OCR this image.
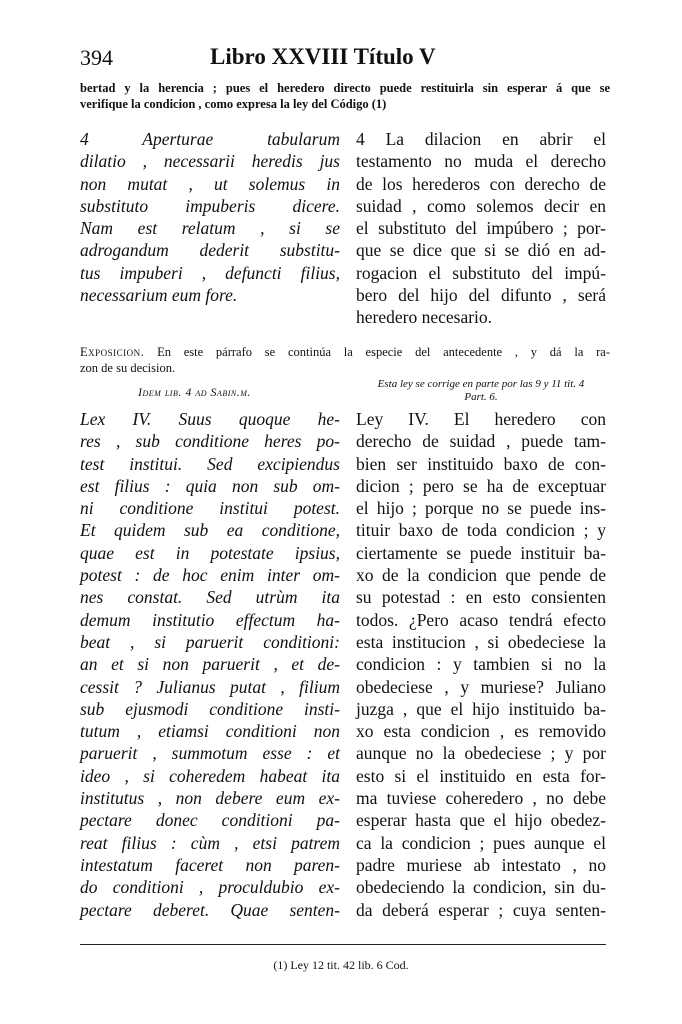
394	Libro XXVIII Título V
bertad y la herencia ; pues el heredero directo puede restituirla sin esperar á que se
verifique la condicion , como expresa la ley del Código (1)
4 Aperturae tabularum
dilatio , necessarii heredis jus
non mutat , ut solemus in
substituto impuberis dicere.
Nam est relatum , si se
adrogandum dederit substitu-
tus impuberi , defuncti filius,
necessarium eum fore.
4 La dilacion en abrir el
testamento no muda el derecho
de los herederos con derecho de
suidad , como solemos decir en
el substituto del impúbero ; por-
que se dice que si se dió en ad-
rogacion el substituto del impú-
bero del hijo del difunto , será
heredero necesario.
Exposicion. En este párrafo se continúa la especie del antecedente , y dá la ra-
zon de su decision.
Idem lib. 4 ad Sabin.m.
Esta ley se corrige en parte por las 9 y 11 tit. 4
Part. 6.
Lex IV. Suus quoque he-
res , sub conditione heres po-
test institui. Sed excipiendus
est filius : quia non sub om-
ni conditione institui potest.
Et quidem sub ea conditione,
quae est in potestate ipsius,
potest : de hoc enim inter om-
nes constat. Sed utrùm ita
demum institutio effectum ha-
beat , si paruerit conditioni:
an et si non paruerit , et de-
cessit ? Julianus putat , filium
sub ejusmodi conditione insti-
tutum , etiamsi conditioni non
paruerit , summotum esse : et
ideo , si coheredem habeat ita
institutus , non debere eum ex-
pectare donec conditioni pa-
reat filius : cùm , etsi patrem
intestatum faceret non paren-
do conditioni , proculdubio ex-
pectare deberet. Quae senten-
Ley IV. El heredero con
derecho de suidad , puede tam-
bien ser instituido baxo de con-
dicion ; pero se ha de exceptuar
el hijo ; porque no se puede ins-
tituir baxo de toda condicion ; y
ciertamente se puede instituir ba-
xo de la condicion que pende de
su potestad : en esto consienten
todos. ¿Pero acaso tendrá efecto
esta institucion , si obedeciese la
condicion : y tambien si no la
obedeciese , y muriese? Juliano
juzga , que el hijo instituido ba-
xo esta condicion , es removido
aunque no la obedeciese ; y por
esto si el instituido en esta for-
ma tuviese coheredero , no debe
esperar hasta que el hijo obedez-
ca la condicion ; pues aunque el
padre muriese ab intestato , no
obedeciendo la condicion, sin du-
da deberá esperar ; cuya senten-
(1) Ley 12 tit. 42 lib. 6 Cod.
